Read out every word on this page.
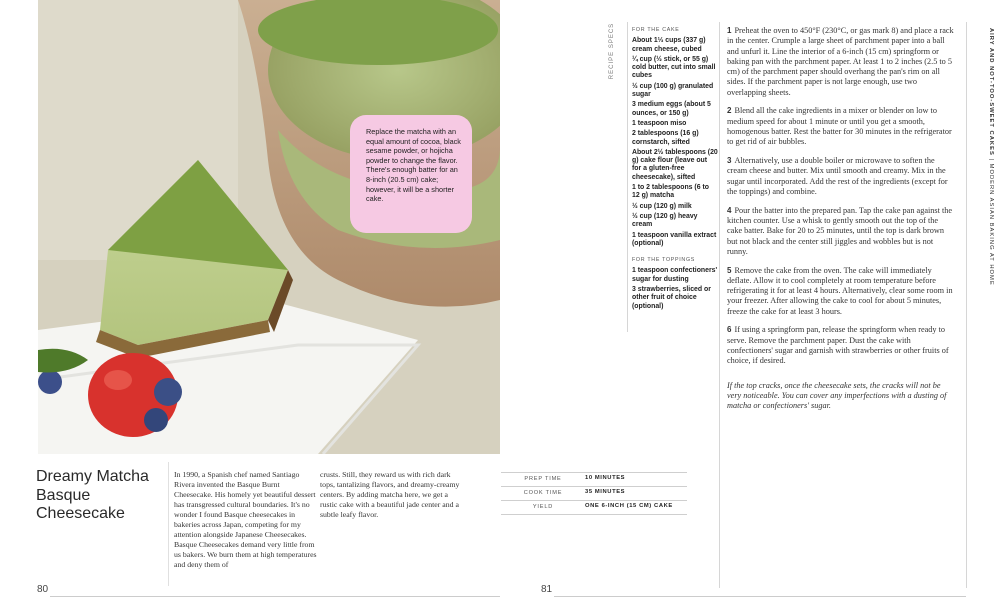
Replace the matcha with an equal amount of cocoa, black sesame powder, or hojicha powder to change the flavor. There's enough batter for an 8-inch (20.5 cm) cake; however, it will be a shorter cake.
Dreamy Matcha Basque Cheesecake
In 1990, a Spanish chef named Santiago Rivera invented the Basque Burnt Cheesecake. His homely yet beautiful dessert has transgressed cultural boundaries. It's no wonder I found Basque cheesecakes in bakeries across Japan, competing for my attention alongside Japanese Cheesecakes. Basque Cheesecakes demand very little from us bakers. We burn them at high temperatures and deny them of
crusts. Still, they reward us with rich dark tops, tantalizing flavors, and dreamy-creamy centers. By adding matcha here, we get a rustic cake with a beautiful jade center and a subtle leafy flavor.
80
PREP TIME	10 MINUTES
COOK TIME	35 MINUTES
YIELD	ONE 6-INCH (15 CM) CAKE
RECIPE SPECS	FOR THE CAKE
About 1⅓ cups (337 g) cream cheese, cubed
¼ cup (½ stick, or 55 g) cold butter, cut into small cubes
½ cup (100 g) granulated sugar
3 medium eggs (about 5 ounces, or 150 g)
1 teaspoon miso
2 tablespoons (16 g) cornstarch, sifted
About 2½ tablespoons (20 g) cake flour (leave out for a gluten-free cheesecake), sifted
1 to 2 tablespoons (6 to 12 g) matcha
½ cup (120 g) milk
½ cup (120 g) heavy cream
1 teaspoon vanilla extract (optional)
FOR THE TOPPINGS
1 teaspoon confectioners' sugar for dusting
3 strawberries, sliced or other fruit of choice (optional)

1 Preheat the oven to 450°F (230°C, or gas mark 8) and place a rack in the center. Crumple a large sheet of parchment paper into a ball and unfurl it. Line the interior of a 6-inch (15 cm) springform or baking pan with the parchment paper. At least 1 to 2 inches (2.5 to 5 cm) of the parchment paper should overhang the pan's rim on all sides. If the parchment paper is not large enough, use two overlapping sheets.

2 Blend all the cake ingredients in a mixer or blender on low to medium speed for about 1 minute or until you get a smooth, homogenous batter. Rest the batter for 30 minutes in the refrigerator to get rid of air bubbles.

3 Alternatively, use a double boiler or microwave to soften the cream cheese and butter. Mix until smooth and creamy. Mix in the sugar until incorporated. Add the rest of the ingredients (except for the toppings) and combine.

4 Pour the batter into the prepared pan. Tap the cake pan against the kitchen counter. Use a whisk to gently smooth out the top of the cake batter. Bake for 20 to 25 minutes, until the top is dark brown but not black and the center still jiggles and wobbles but is not runny.

5 Remove the cake from the oven. The cake will immediately deflate. Allow it to cool completely at room temperature before refrigerating it for at least 4 hours. Alternatively, clear some room in your freezer. After allowing the cake to cool for about 5 minutes, freeze the cake for at least 3 hours.

6 If using a springform pan, release the springform when ready to serve. Remove the parchment paper. Dust the cake with confectioners' sugar and garnish with strawberries or other fruits of choice, if desired.

If the top cracks, once the cheesecake sets, the cracks will not be very noticeable. You can cover any imperfections with a dusting of matcha or confectioners' sugar.

AIRY AND NOT-TOO-SWEET CAKES | MODERN ASIAN BAKING AT HOME
81
